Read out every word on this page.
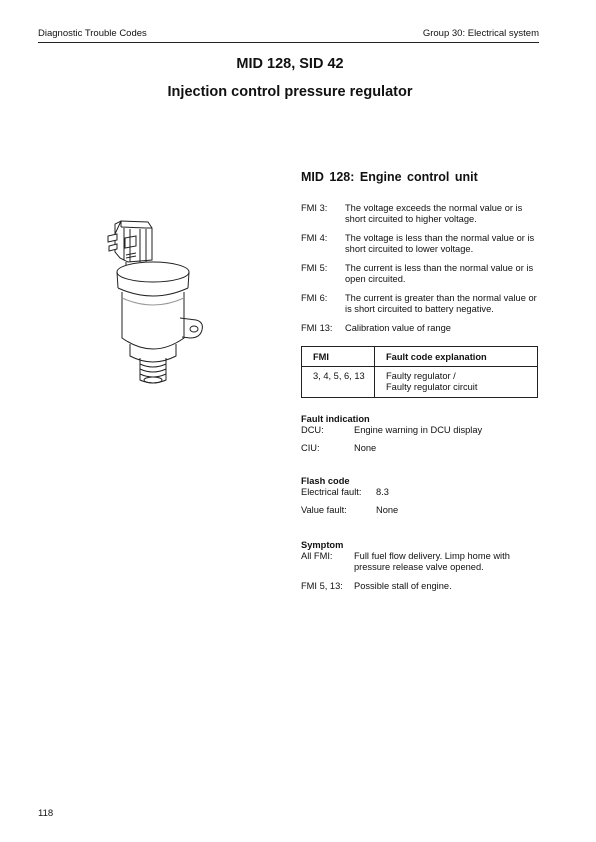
Diagnostic Trouble Codes	Group 30: Electrical system
MID 128, SID 42
Injection control pressure regulator
MID 128: Engine control unit
FMI 3:	The voltage exceeds the normal value or is short circuited to higher voltage.
FMI 4:	The voltage is less than the normal value or is short circuited to lower voltage.
FMI 5:	The current is less than the normal value or is open circuited.
FMI 6:	The current is greater than the normal value or is short circuited to battery negative.
FMI 13:	Calibration value of range
FMI	Fault code explanation
3, 4, 5, 6, 13	Faulty regulator /
Faulty regulator circuit
Fault indication
DCU:	Engine warning in DCU display
CIU:	None
Flash code
Electrical fault:	8.3
Value fault:	None
Symptom
All FMI:	Full fuel flow delivery. Limp home with pressure release valve opened.
FMI 5, 13:	Possible stall of engine.
118
